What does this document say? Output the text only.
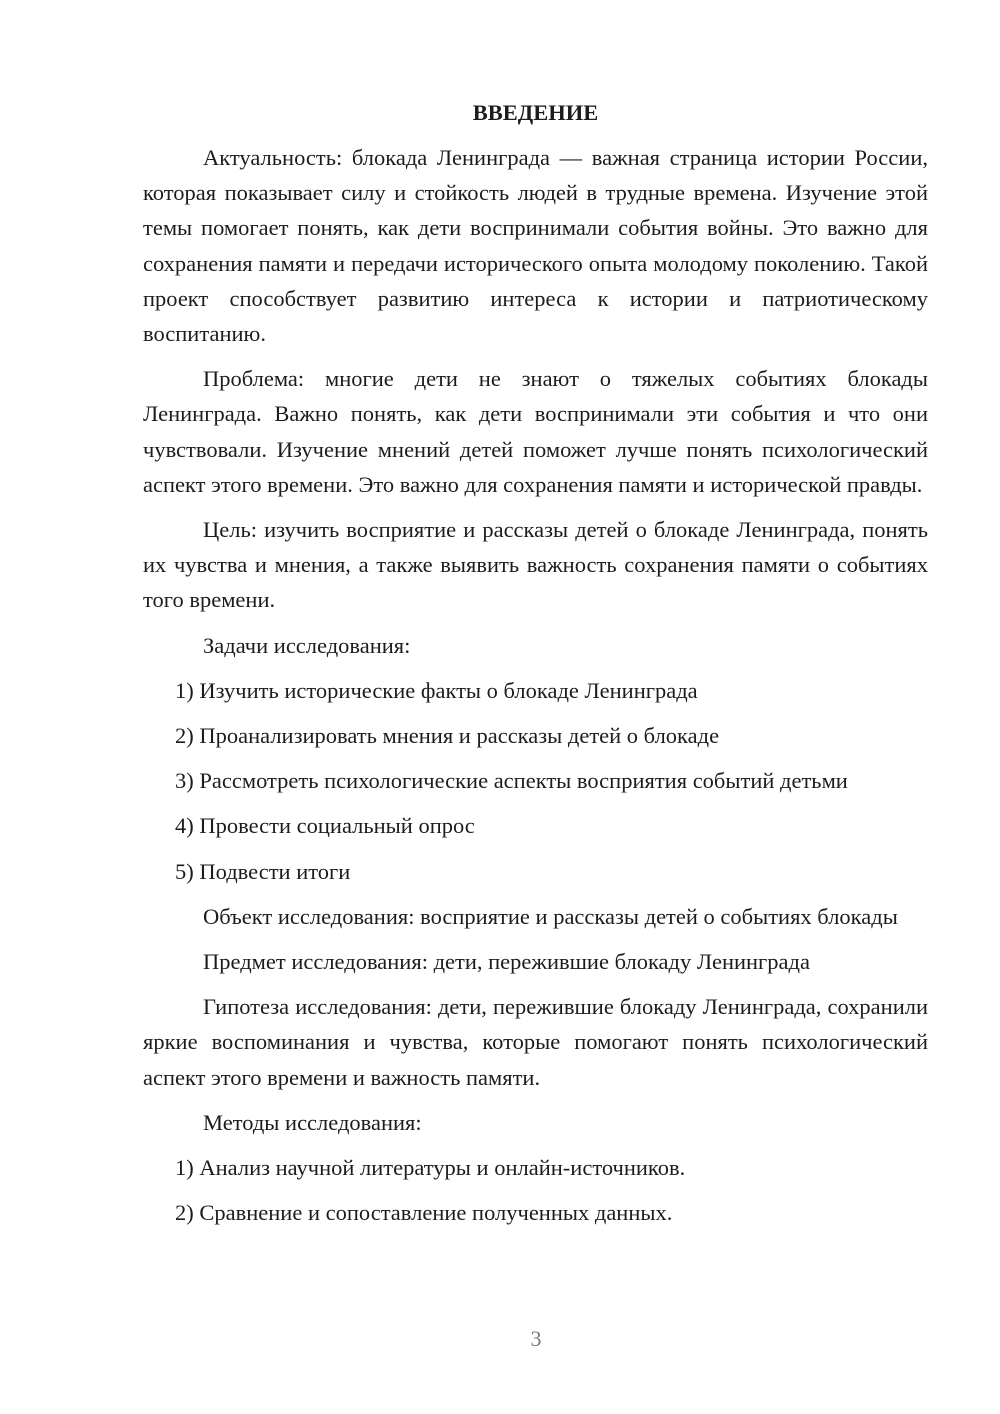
ВВЕДЕНИЕ

Актуальность: блокада Ленинграда — важная страница истории России, которая показывает силу и стойкость людей в трудные времена. Изучение этой темы помогает понять, как дети воспринимали события войны. Это важно для сохранения памяти и передачи исторического опыта молодому поколению. Такой проект способствует развитию интереса к истории и патриотическому воспитанию.

Проблема: многие дети не знают о тяжелых событиях блокады Ленинграда. Важно понять, как дети воспринимали эти события и что они чувствовали. Изучение мнений детей поможет лучше понять психологический аспект этого времени. Это важно для сохранения памяти и исторической правды.

Цель: изучить восприятие и рассказы детей о блокаде Ленинграда, понять их чувства и мнения, а также выявить важность сохранения памяти о событиях того времени.

Задачи исследования:

1) Изучить исторические факты о блокаде Ленинграда
2) Проанализировать мнения и рассказы детей о блокаде
3) Рассмотреть психологические аспекты восприятия событий детьми
4) Провести социальный опрос
5) Подвести итоги

Объект исследования: восприятие и рассказы детей о событиях блокады

Предмет исследования: дети, пережившие блокаду Ленинграда

Гипотеза исследования: дети, пережившие блокаду Ленинграда, сохранили яркие воспоминания и чувства, которые помогают понять психологический аспект этого времени и важность памяти.

Методы исследования:

1) Анализ научной литературы и онлайн-источников.
2) Сравнение и сопоставление полученных данных.
3
